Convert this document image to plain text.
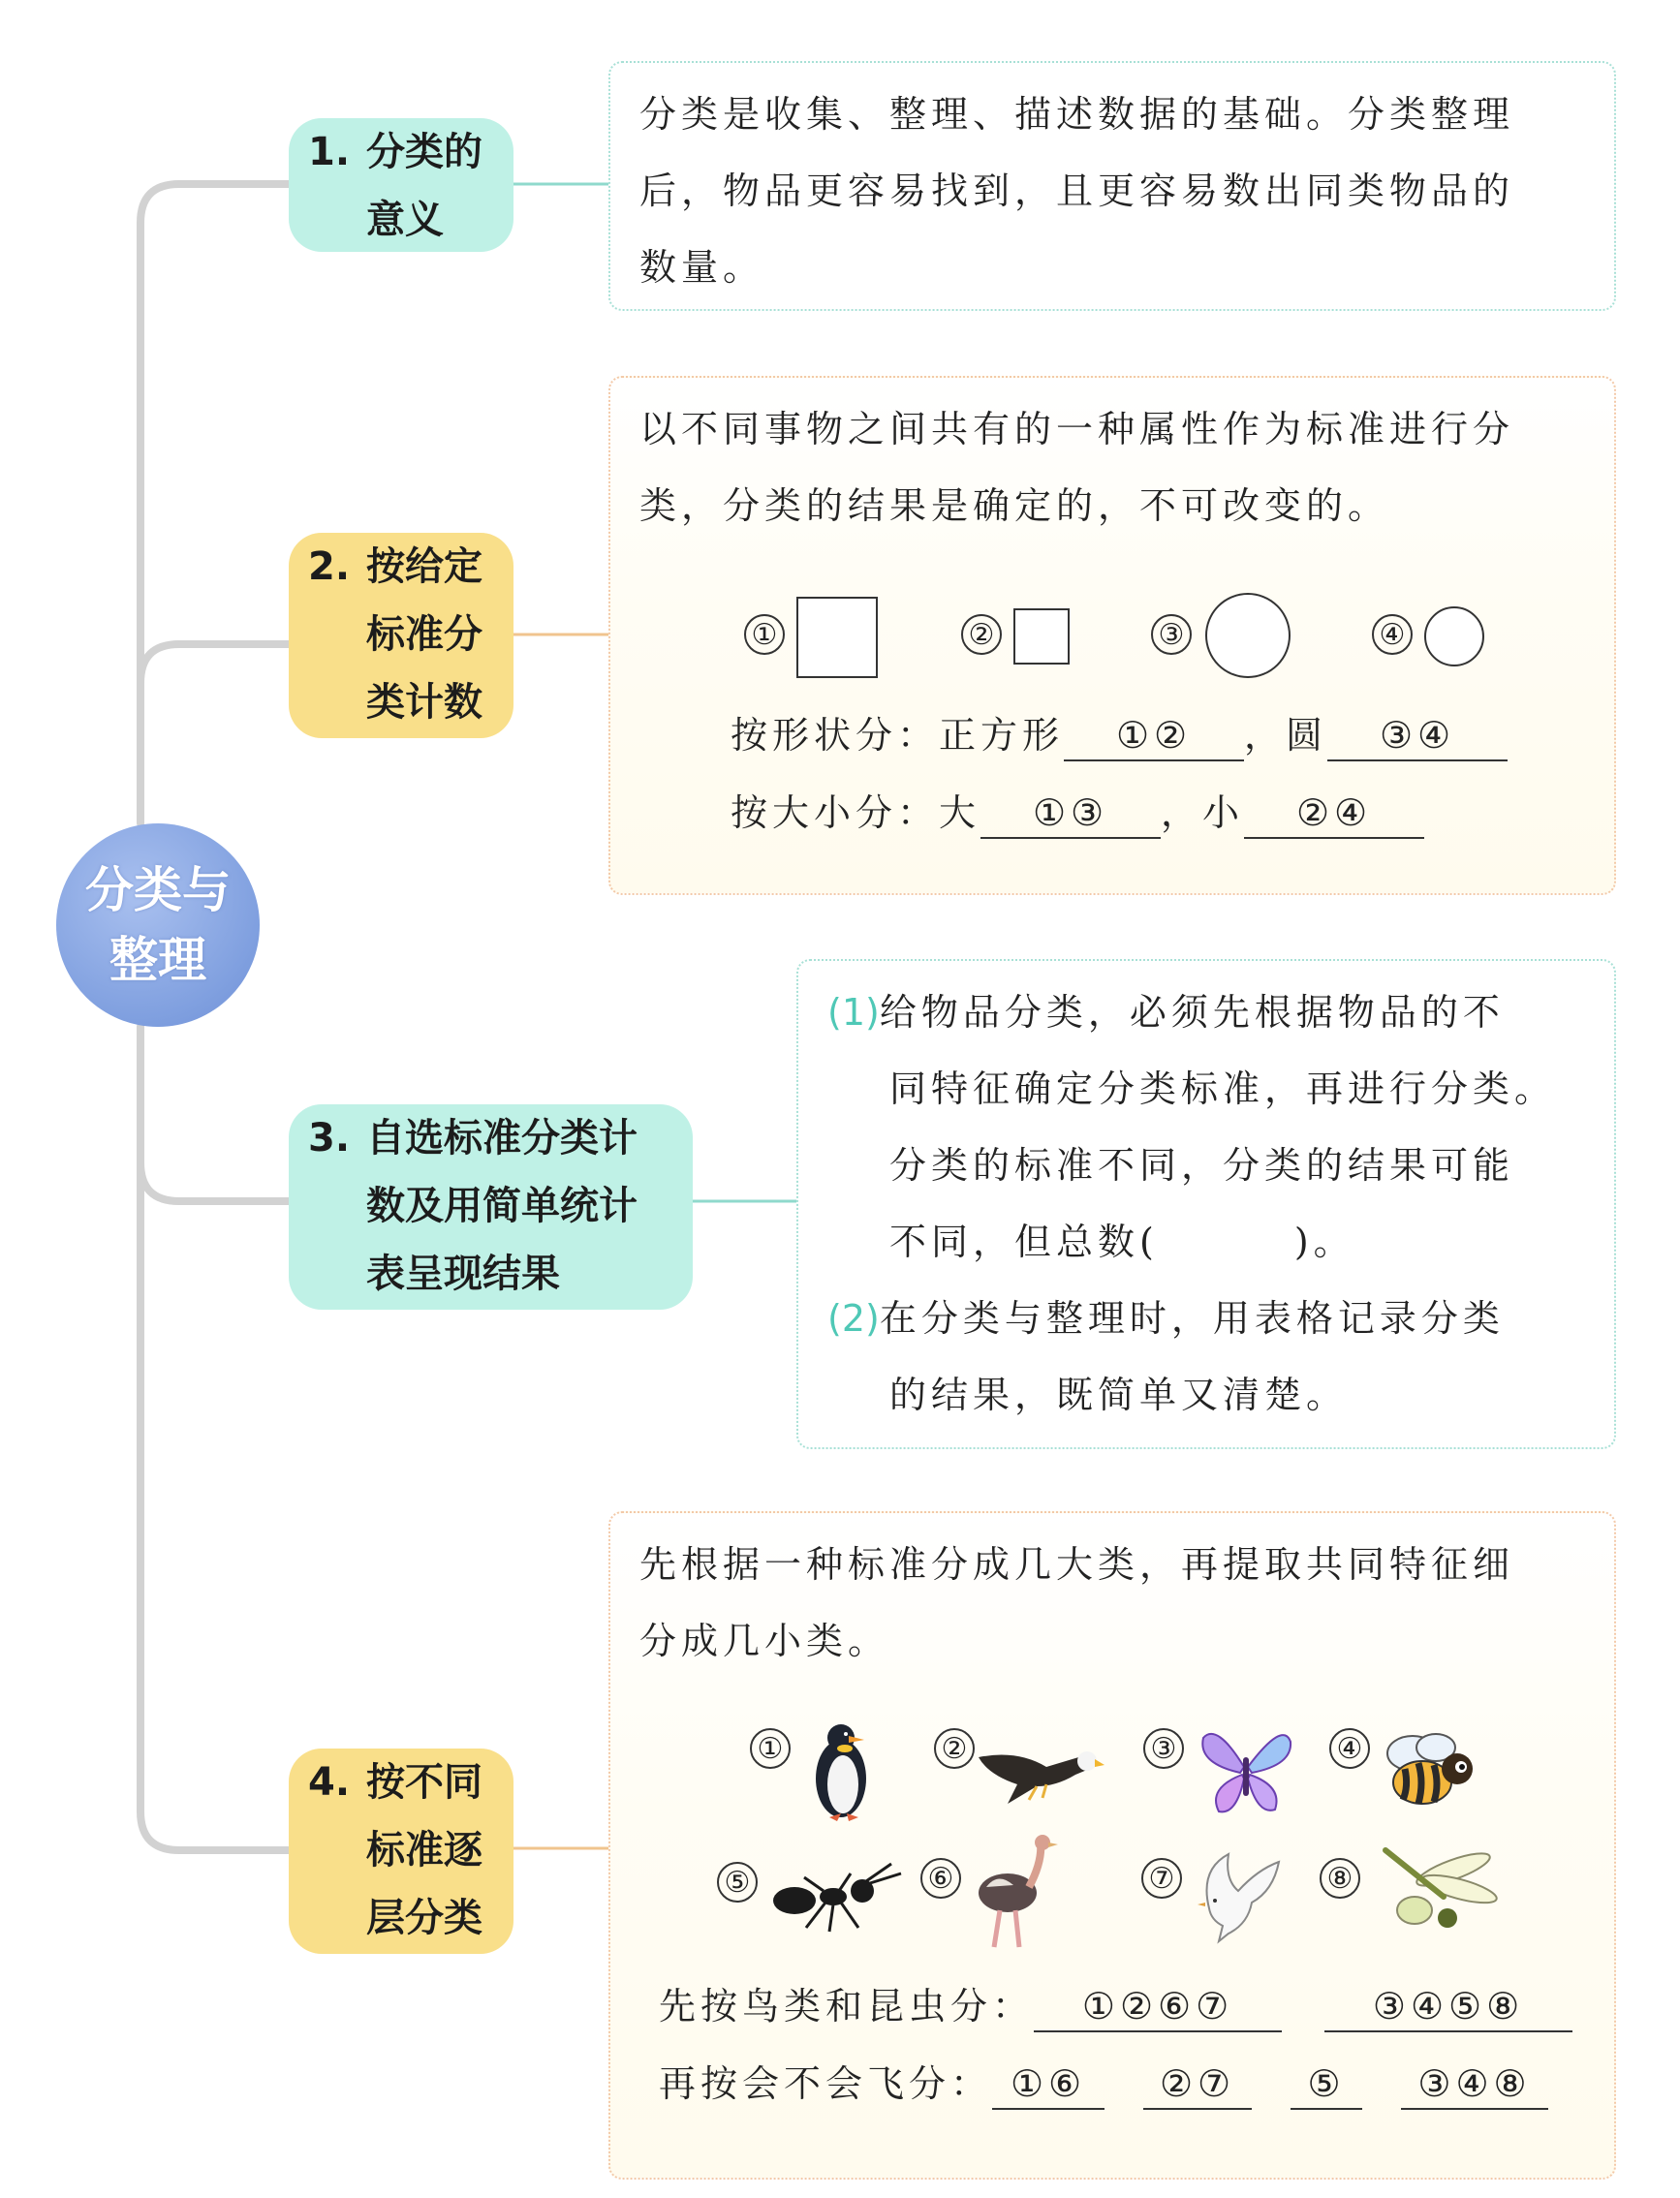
分类与
整理
1. 分类的
意义
2. 按给定
标准分
类计数
3. 自选标准分类计
数及用简单统计
表呈现结果
4. 按不同
标准逐
层分类
分类是收集、整理、描述数据的基础。分类整理
后，物品更容易找到，且更容易数出同类物品的
数量。
以不同事物之间共有的一种属性作为标准进行分
类，分类的结果是确定的，不可改变的。
①	②	③	④
按形状分：正方形 ①② ，圆 ③④
按大小分：大 ①③ ，小 ②④
(1)给物品分类，必须先根据物品的不
同特征确定分类标准，再进行分类。
分类的标准不同，分类的结果可能
不同，但总数(	)。
(2)在分类与整理时，用表格记录分类
的结果，既简单又清楚。
先根据一种标准分成几大类，再提取共同特征细
分成几小类。
①	②	③	④
⑤	⑥	⑦	⑧
先按鸟类和昆虫分： ①②⑥⑦	③④⑤⑧
再按会不会飞分： ①⑥ ②⑦ ⑤ ③④⑧
